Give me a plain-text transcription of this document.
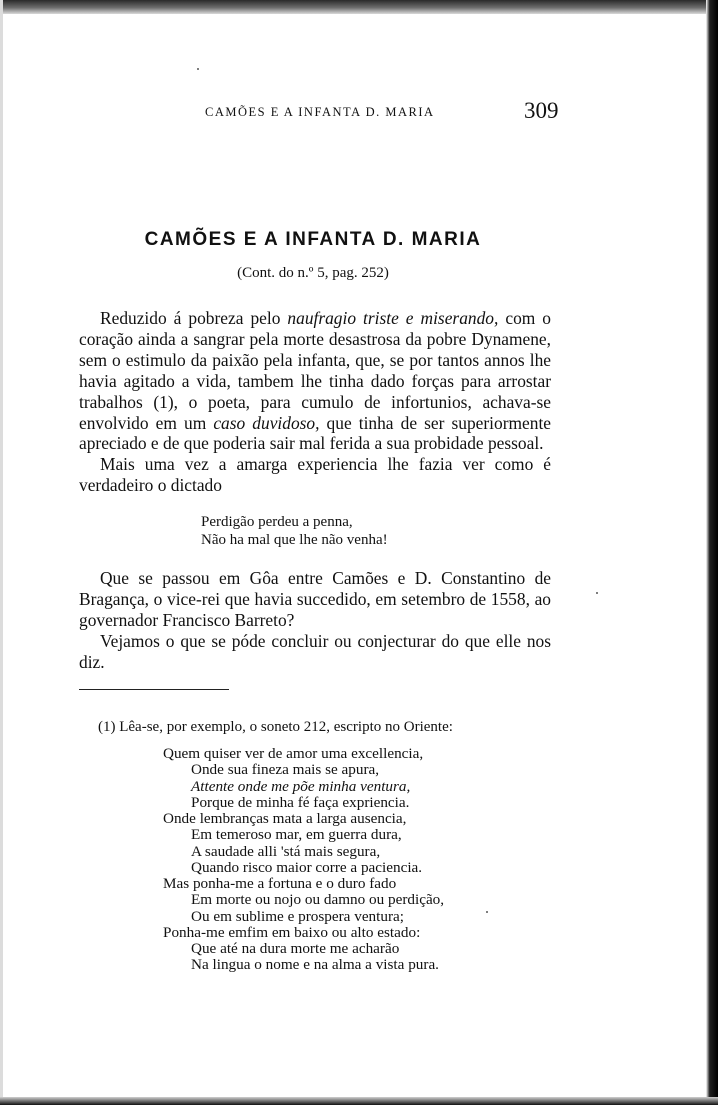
CAMÕES E A INFANTA D. MARIA	309
CAMÕES E A INFANTA D. MARIA
(Cont. do n.º 5, pag. 252)

Reduzido á pobreza pelo naufragio triste e miserando, com o coração ainda a sangrar pela morte desastrosa da pobre Dynamene, sem o estimulo da paixão pela infanta, que, se por tantos annos lhe havia agitado a vida, tambem lhe tinha dado forças para arrostar trabalhos (1), o poeta, para cumulo de infortunios, achava-se envolvido em um caso duvidoso, que tinha de ser superiormente apreciado e de que poderia sair mal ferida a sua probidade pessoal.

Mais uma vez a amarga experiencia lhe fazia ver como é verdadeiro o dictado

Perdigão perdeu a penna,
Não ha mal que lhe não venha!

Que se passou em Gôa entre Camões e D. Constantino de Bragança, o vice-rei que havia succedido, em setembro de 1558, ao governador Francisco Barreto?

Vejamos o que se póde concluir ou conjecturar do que elle nos diz.

(1) Lêa-se, por exemplo, o soneto 212, escripto no Oriente:
Quem quiser ver de amor uma excellencia,
Onde sua fineza mais se apura,
Attente onde me põe minha ventura,
Porque de minha fé faça expriencia.
Onde lembranças mata a larga ausencia,
Em temeroso mar, em guerra dura,
A saudade alli 'stá mais segura,
Quando risco maior corre a paciencia.
Mas ponha-me a fortuna e o duro fado
Em morte ou nojo ou damno ou perdição,
Ou em sublime e prospera ventura;
Ponha-me emfim em baixo ou alto estado:
Que até na dura morte me acharão
Na lingua o nome e na alma a vista pura.
